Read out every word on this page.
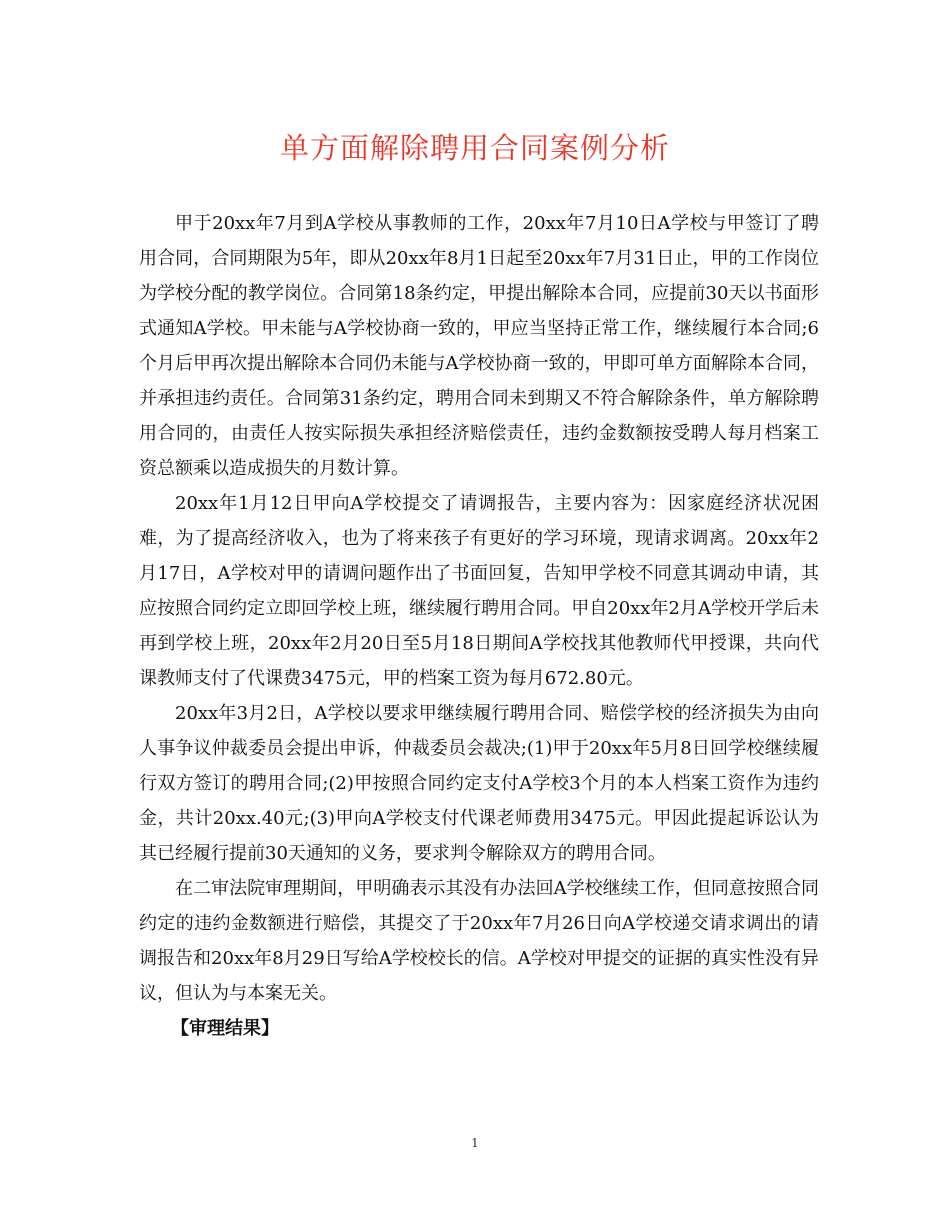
单方面解除聘用合同案例分析

甲于20xx年7月到A学校从事教师的工作，20xx年7月10日A学校与甲签订了聘用合同，合同期限为5年，即从20xx年8月1日起至20xx年7月31日止，甲的工作岗位为学校分配的教学岗位。合同第18条约定，甲提出解除本合同，应提前30天以书面形式通知A学校。甲未能与A学校协商一致的，甲应当坚持正常工作，继续履行本合同;6个月后甲再次提出解除本合同仍未能与A学校协商一致的，甲即可单方面解除本合同，并承担违约责任。合同第31条约定，聘用合同未到期又不符合解除条件，单方解除聘用合同的，由责任人按实际损失承担经济赔偿责任，违约金数额按受聘人每月档案工资总额乘以造成损失的月数计算。

20xx年1月12日甲向A学校提交了请调报告，主要内容为：因家庭经济状况困难，为了提高经济收入，也为了将来孩子有更好的学习环境，现请求调离。20xx年2月17日，A学校对甲的请调问题作出了书面回复，告知甲学校不同意其调动申请，其应按照合同约定立即回学校上班，继续履行聘用合同。甲自20xx年2月A学校开学后未再到学校上班，20xx年2月20日至5月18日期间A学校找其他教师代甲授课，共向代课教师支付了代课费3475元，甲的档案工资为每月672.80元。

20xx年3月2日，A学校以要求甲继续履行聘用合同、赔偿学校的经济损失为由向人事争议仲裁委员会提出申诉，仲裁委员会裁决;(1)甲于20xx年5月8日回学校继续履行双方签订的聘用合同;(2)甲按照合同约定支付A学校3个月的本人档案工资作为违约金，共计20xx.40元;(3)甲向A学校支付代课老师费用3475元。甲因此提起诉讼认为其已经履行提前30天通知的义务，要求判令解除双方的聘用合同。

在二审法院审理期间，甲明确表示其没有办法回A学校继续工作，但同意按照合同约定的违约金数额进行赔偿，其提交了于20xx年7月26日向A学校递交请求调出的请调报告和20xx年8月29日写给A学校校长的信。A学校对甲提交的证据的真实性没有异议，但认为与本案无关。

【审理结果】

1
